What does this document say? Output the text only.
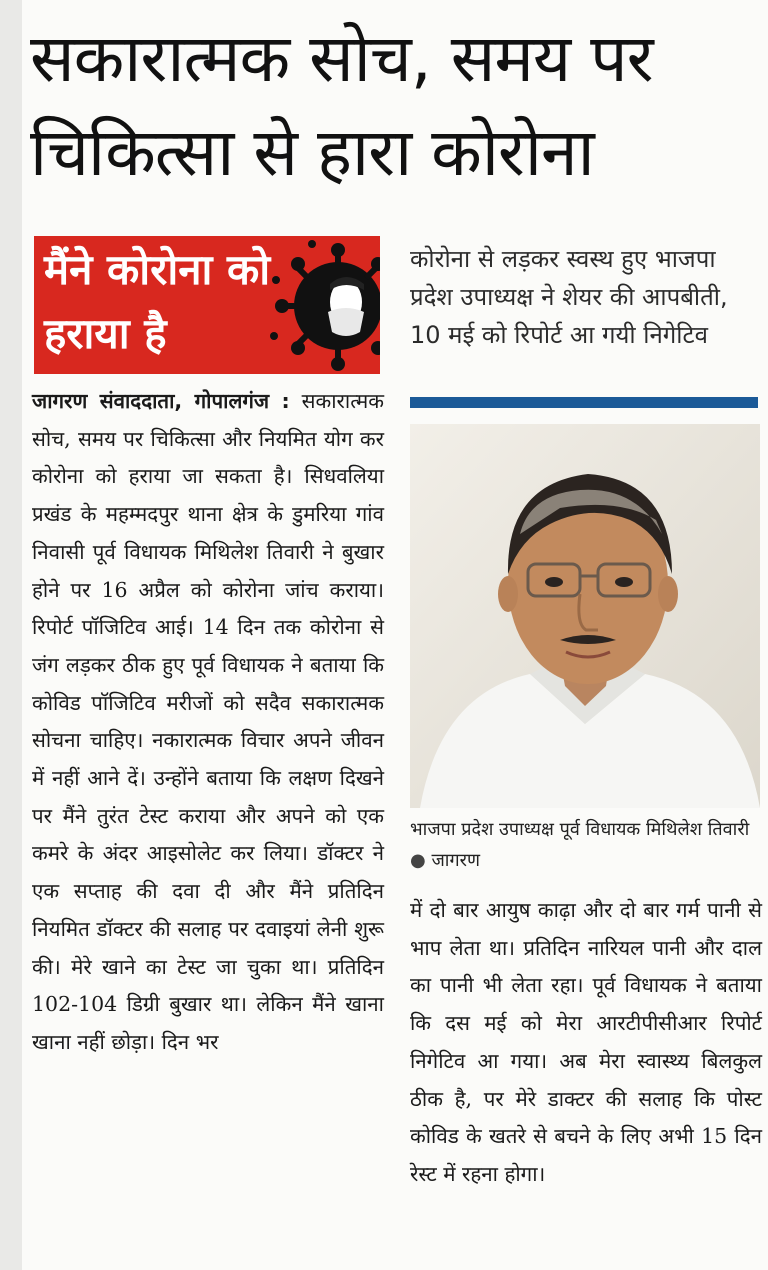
सकारात्मक सोच, समय पर चिकित्सा से हारा कोरोना
मैंने कोरोना को हराया है
कोरोना से लड़कर स्वस्थ हुए भाजपा प्रदेश उपाध्यक्ष ने शेयर की आपबीती, 10 मई को रिपोर्ट आ गयी निगेटिव
जागरण संवाददाता, गोपालगंज : सकारात्मक सोच, समय पर चिकित्सा और नियमित योग कर कोरोना को हराया जा सकता है। सिधवलिया प्रखंड के महम्मदपुर थाना क्षेत्र के डुमरिया गांव निवासी पूर्व विधायक मिथिलेश तिवारी ने बुखार होने पर 16 अप्रैल को कोरोना जांच कराया। रिपोर्ट पॉजिटिव आई। 14 दिन तक कोरोना से जंग लड़कर ठीक हुए पूर्व विधायक ने बताया कि कोविड पॉजिटिव मरीजों को सदैव सकारात्मक सोचना चाहिए। नकारात्मक विचार अपने जीवन में नहीं आने दें। उन्होंने बताया कि लक्षण दिखने पर मैंने तुरंत टेस्ट कराया और अपने को एक कमरे के अंदर आइसोलेट कर लिया। डॉक्टर ने एक सप्ताह की दवा दी और मैंने प्रतिदिन नियमित डॉक्टर की सलाह पर दवाइयां लेनी शुरू की। मेरे खाने का टेस्ट जा चुका था। प्रतिदिन 102-104 डिग्री बुखार था। लेकिन मैंने खाना खाना नहीं छोड़ा। दिन भर
भाजपा प्रदेश उपाध्यक्ष पूर्व विधायक मिथिलेश तिवारी ● जागरण
में दो बार आयुष काढ़ा और दो बार गर्म पानी से भाप लेता था। प्रतिदिन नारियल पानी और दाल का पानी भी लेता रहा। पूर्व विधायक ने बताया कि दस मई को मेरा आरटीपीसीआर रिपोर्ट निगेटिव आ गया। अब मेरा स्वास्थ्य बिलकुल ठीक है, पर मेरे डाक्टर की सलाह कि पोस्ट कोविड के खतरे से बचने के लिए अभी 15 दिन रेस्ट में रहना होगा।
